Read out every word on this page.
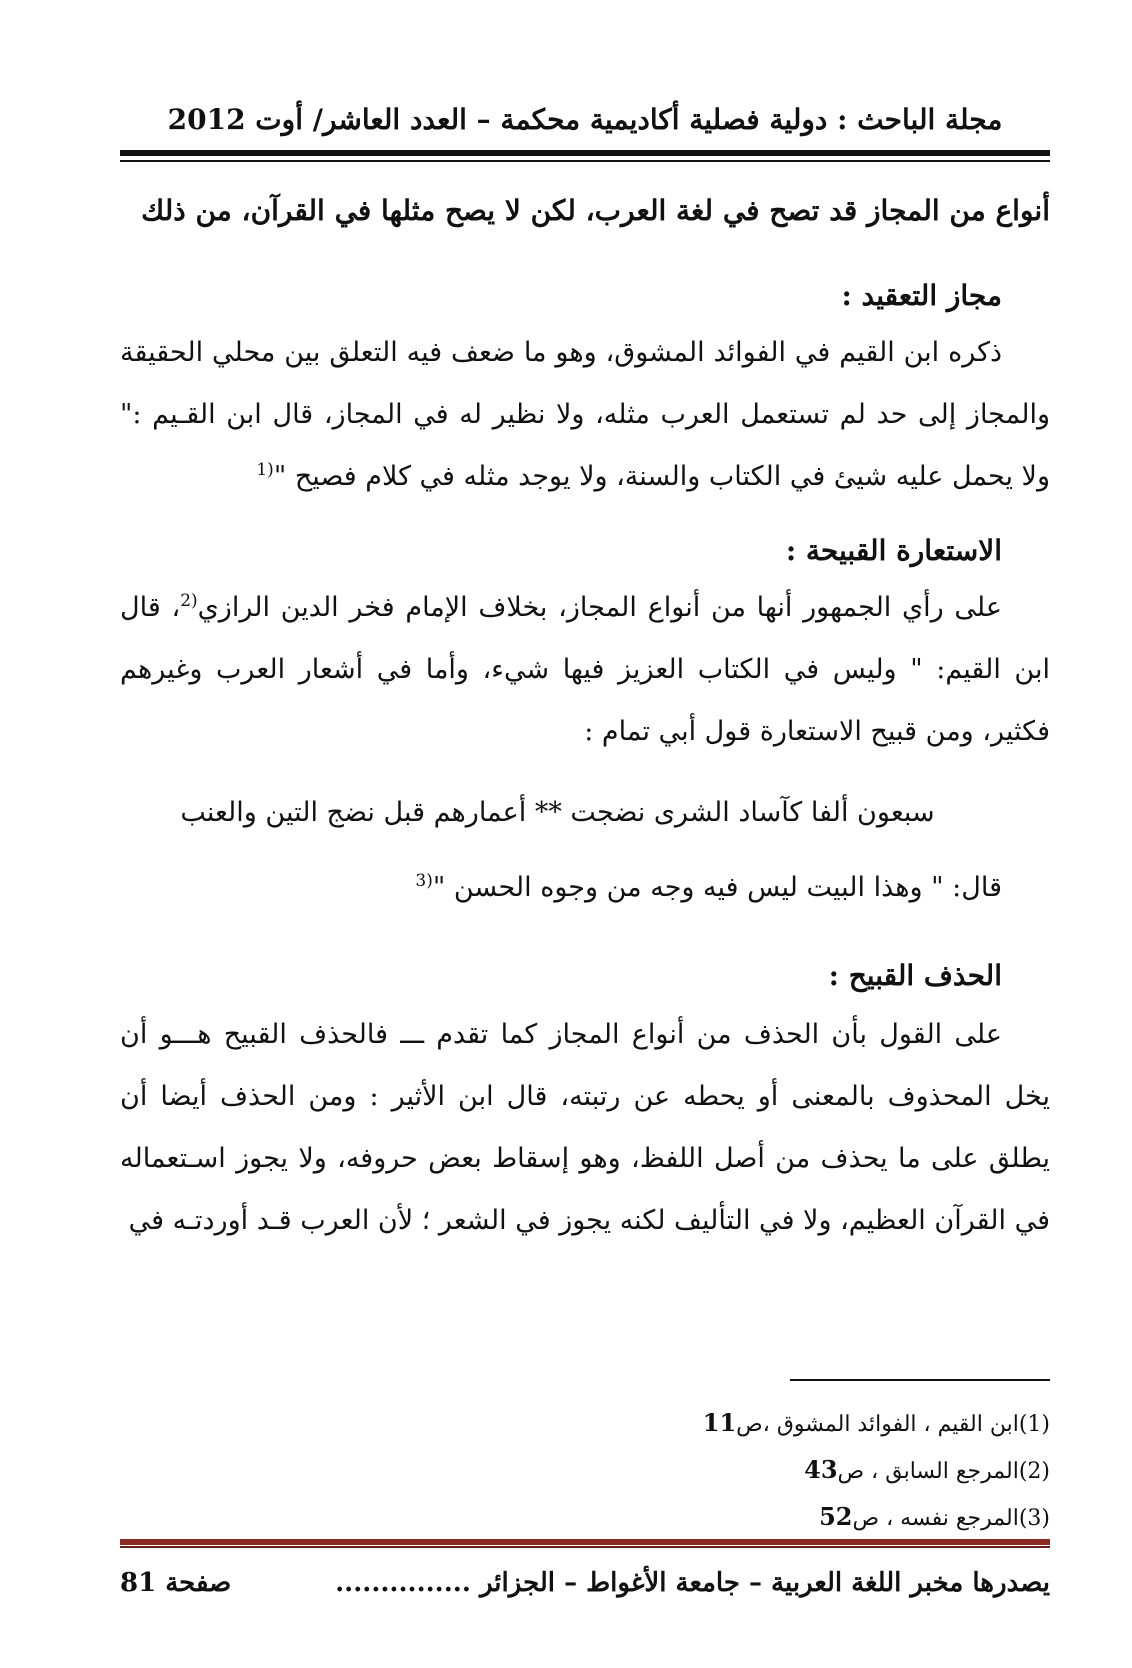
مجلة الباحث : دولية فصلية أكاديمية محكمة – العدد العاشر/ أوت 2012
أنواع من المجاز قد تصح في لغة العرب، لكن لا يصح مثلها في القرآن، من ذلك
مجاز التعقيد :
ذكره ابن القيم في الفوائد المشوق، وهو ما ضعف فيه التعلق بين محلي الحقيقة والمجاز إلى حد لم تستعمل العرب مثله، ولا نظير له في المجاز، قال ابن القـيم :" ولا يحمل عليه شيئ في الكتاب والسنة، ولا يوجد مثله في كلام فصيح "$^{(1}$
الاستعارة القبيحة :
على رأي الجمهور أنها من أنواع المجاز، بخلاف الإمام فخر الدين الرازي$^{(2}$، قال ابن القيم: " وليس في الكتاب العزيز فيها شيء، وأما في أشعار العرب وغيرهم فكثير، ومن قبيح الاستعارة قول أبي تمام :
سبعون ألفا كآساد الشرى نضجت ** أعمارهم قبل نضج التين والعنب
قال: " وهذا البيت ليس فيه وجه من وجوه الحسن "$^{(3}$
الحذف القبيح :
على القول بأن الحذف من أنواع المجاز كما تقدم ـــ فالحذف القبيح هـــو أن يخل المحذوف بالمعنى أو يحطه عن رتبته، قال ابن الأثير : ومن الحذف أيضا أن يطلق على ما يحذف من أصل اللفظ، وهو إسقاط بعض حروفه، ولا يجوز اسـتعماله في القرآن العظيم، ولا في التأليف لكنه يجوز في الشعر ؛ لأن العرب قـد أوردتـه في
(1)ابن القيم ، الفوائد المشوق ،ص11
(2)المرجع السابق ، ص43
(3)المرجع نفسه ، ص52
يصدرها مخبر اللغة العربية – جامعة الأغواط – الجزائر ...............
صفحة 81
